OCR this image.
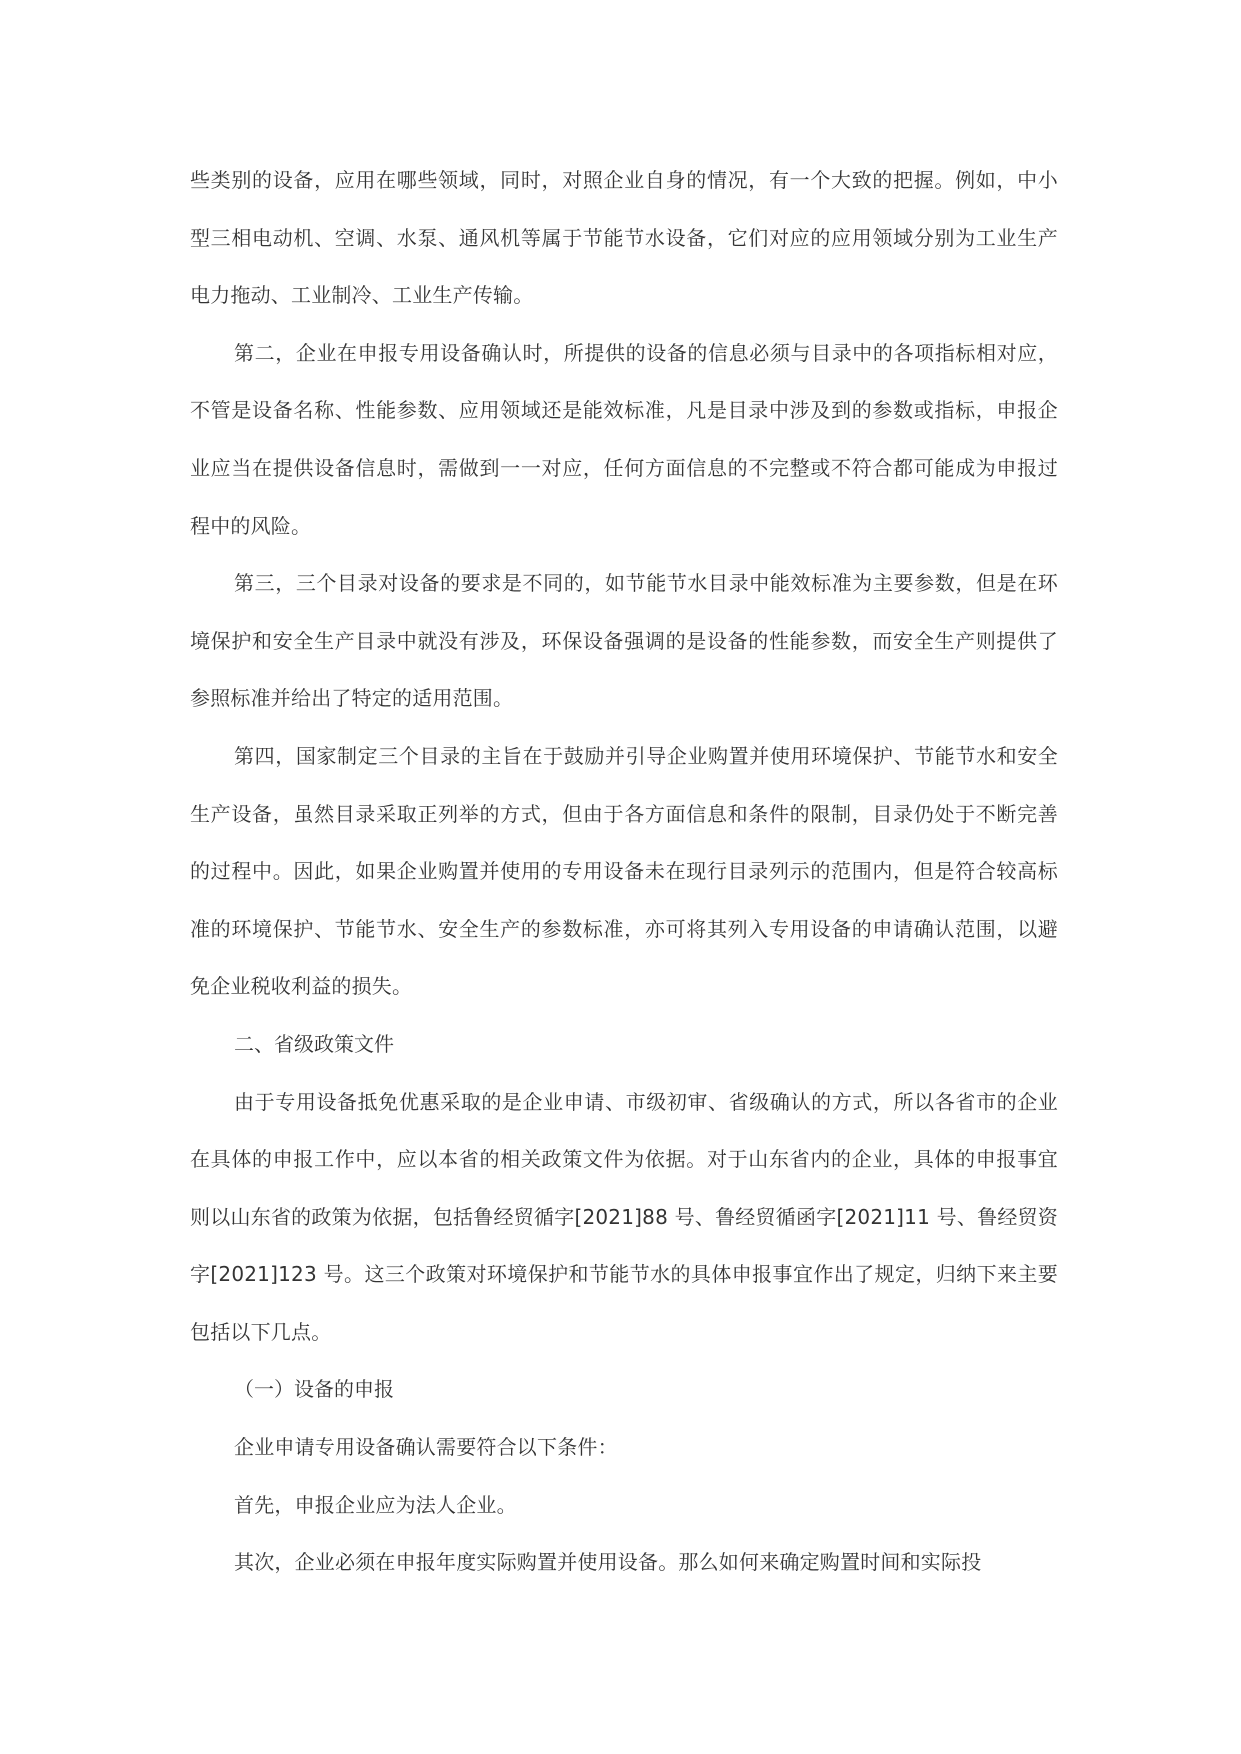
些类别的设备，应用在哪些领域，同时，对照企业自身的情况，有一个大致的把握。例如，中小型三相电动机、空调、水泵、通风机等属于节能节水设备，它们对应的应用领域分别为工业生产电力拖动、工业制冷、工业生产传输。

第二，企业在申报专用设备确认时，所提供的设备的信息必须与目录中的各项指标相对应，不管是设备名称、性能参数、应用领域还是能效标准，凡是目录中涉及到的参数或指标，申报企业应当在提供设备信息时，需做到一一对应，任何方面信息的不完整或不符合都可能成为申报过程中的风险。

第三，三个目录对设备的要求是不同的，如节能节水目录中能效标准为主要参数，但是在环境保护和安全生产目录中就没有涉及，环保设备强调的是设备的性能参数，而安全生产则提供了参照标准并给出了特定的适用范围。

第四，国家制定三个目录的主旨在于鼓励并引导企业购置并使用环境保护、节能节水和安全生产设备，虽然目录采取正列举的方式，但由于各方面信息和条件的限制，目录仍处于不断完善的过程中。因此，如果企业购置并使用的专用设备未在现行目录列示的范围内，但是符合较高标准的环境保护、节能节水、安全生产的参数标准，亦可将其列入专用设备的申请确认范围，以避免企业税收利益的损失。

二、省级政策文件

由于专用设备抵免优惠采取的是企业申请、市级初审、省级确认的方式，所以各省市的企业在具体的申报工作中，应以本省的相关政策文件为依据。对于山东省内的企业，具体的申报事宜则以山东省的政策为依据，包括鲁经贸循字[2021]88 号、鲁经贸循函字[2021]11 号、鲁经贸资字[2021]123 号。这三个政策对环境保护和节能节水的具体申报事宜作出了规定，归纳下来主要包括以下几点。

（一）设备的申报

企业申请专用设备确认需要符合以下条件：

首先，申报企业应为法人企业。

其次，企业必须在申报年度实际购置并使用设备。那么如何来确定购置时间和实际投
